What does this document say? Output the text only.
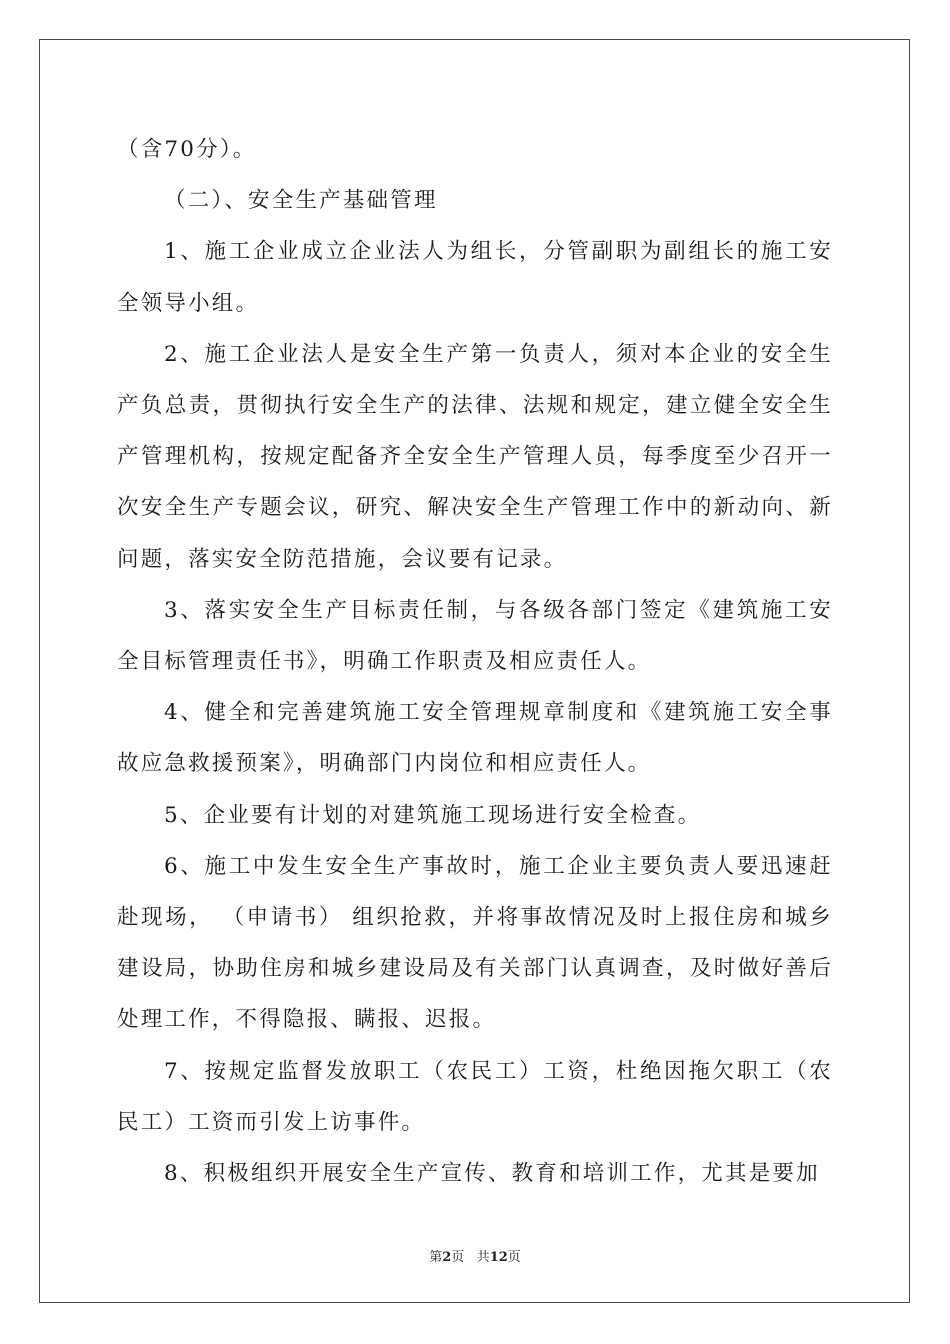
（含70分）。

（二）、安全生产基础管理

1、施工企业成立企业法人为组长，分管副职为副组长的施工安全领导小组。

2、施工企业法人是安全生产第一负责人，须对本企业的安全生产负总责，贯彻执行安全生产的法律、法规和规定，建立健全安全生产管理机构，按规定配备齐全安全生产管理人员，每季度至少召开一次安全生产专题会议，研究、解决安全生产管理工作中的新动向、新问题，落实安全防范措施，会议要有记录。

3、落实安全生产目标责任制，与各级各部门签定《建筑施工安全目标管理责任书》，明确工作职责及相应责任人。

4、健全和完善建筑施工安全管理规章制度和《建筑施工安全事故应急救援预案》，明确部门内岗位和相应责任人。

5、企业要有计划的对建筑施工现场进行安全检查。

6、施工中发生安全生产事故时，施工企业主要负责人要迅速赶赴现场， （申请书） 组织抢救，并将事故情况及时上报住房和城乡建设局，协助住房和城乡建设局及有关部门认真调查，及时做好善后处理工作，不得隐报、瞒报、迟报。

7、按规定监督发放职工（农民工）工资，杜绝因拖欠职工（农民工）工资而引发上访事件。

8、积极组织开展安全生产宣传、教育和培训工作，尤其是要加

第2页 共12页
